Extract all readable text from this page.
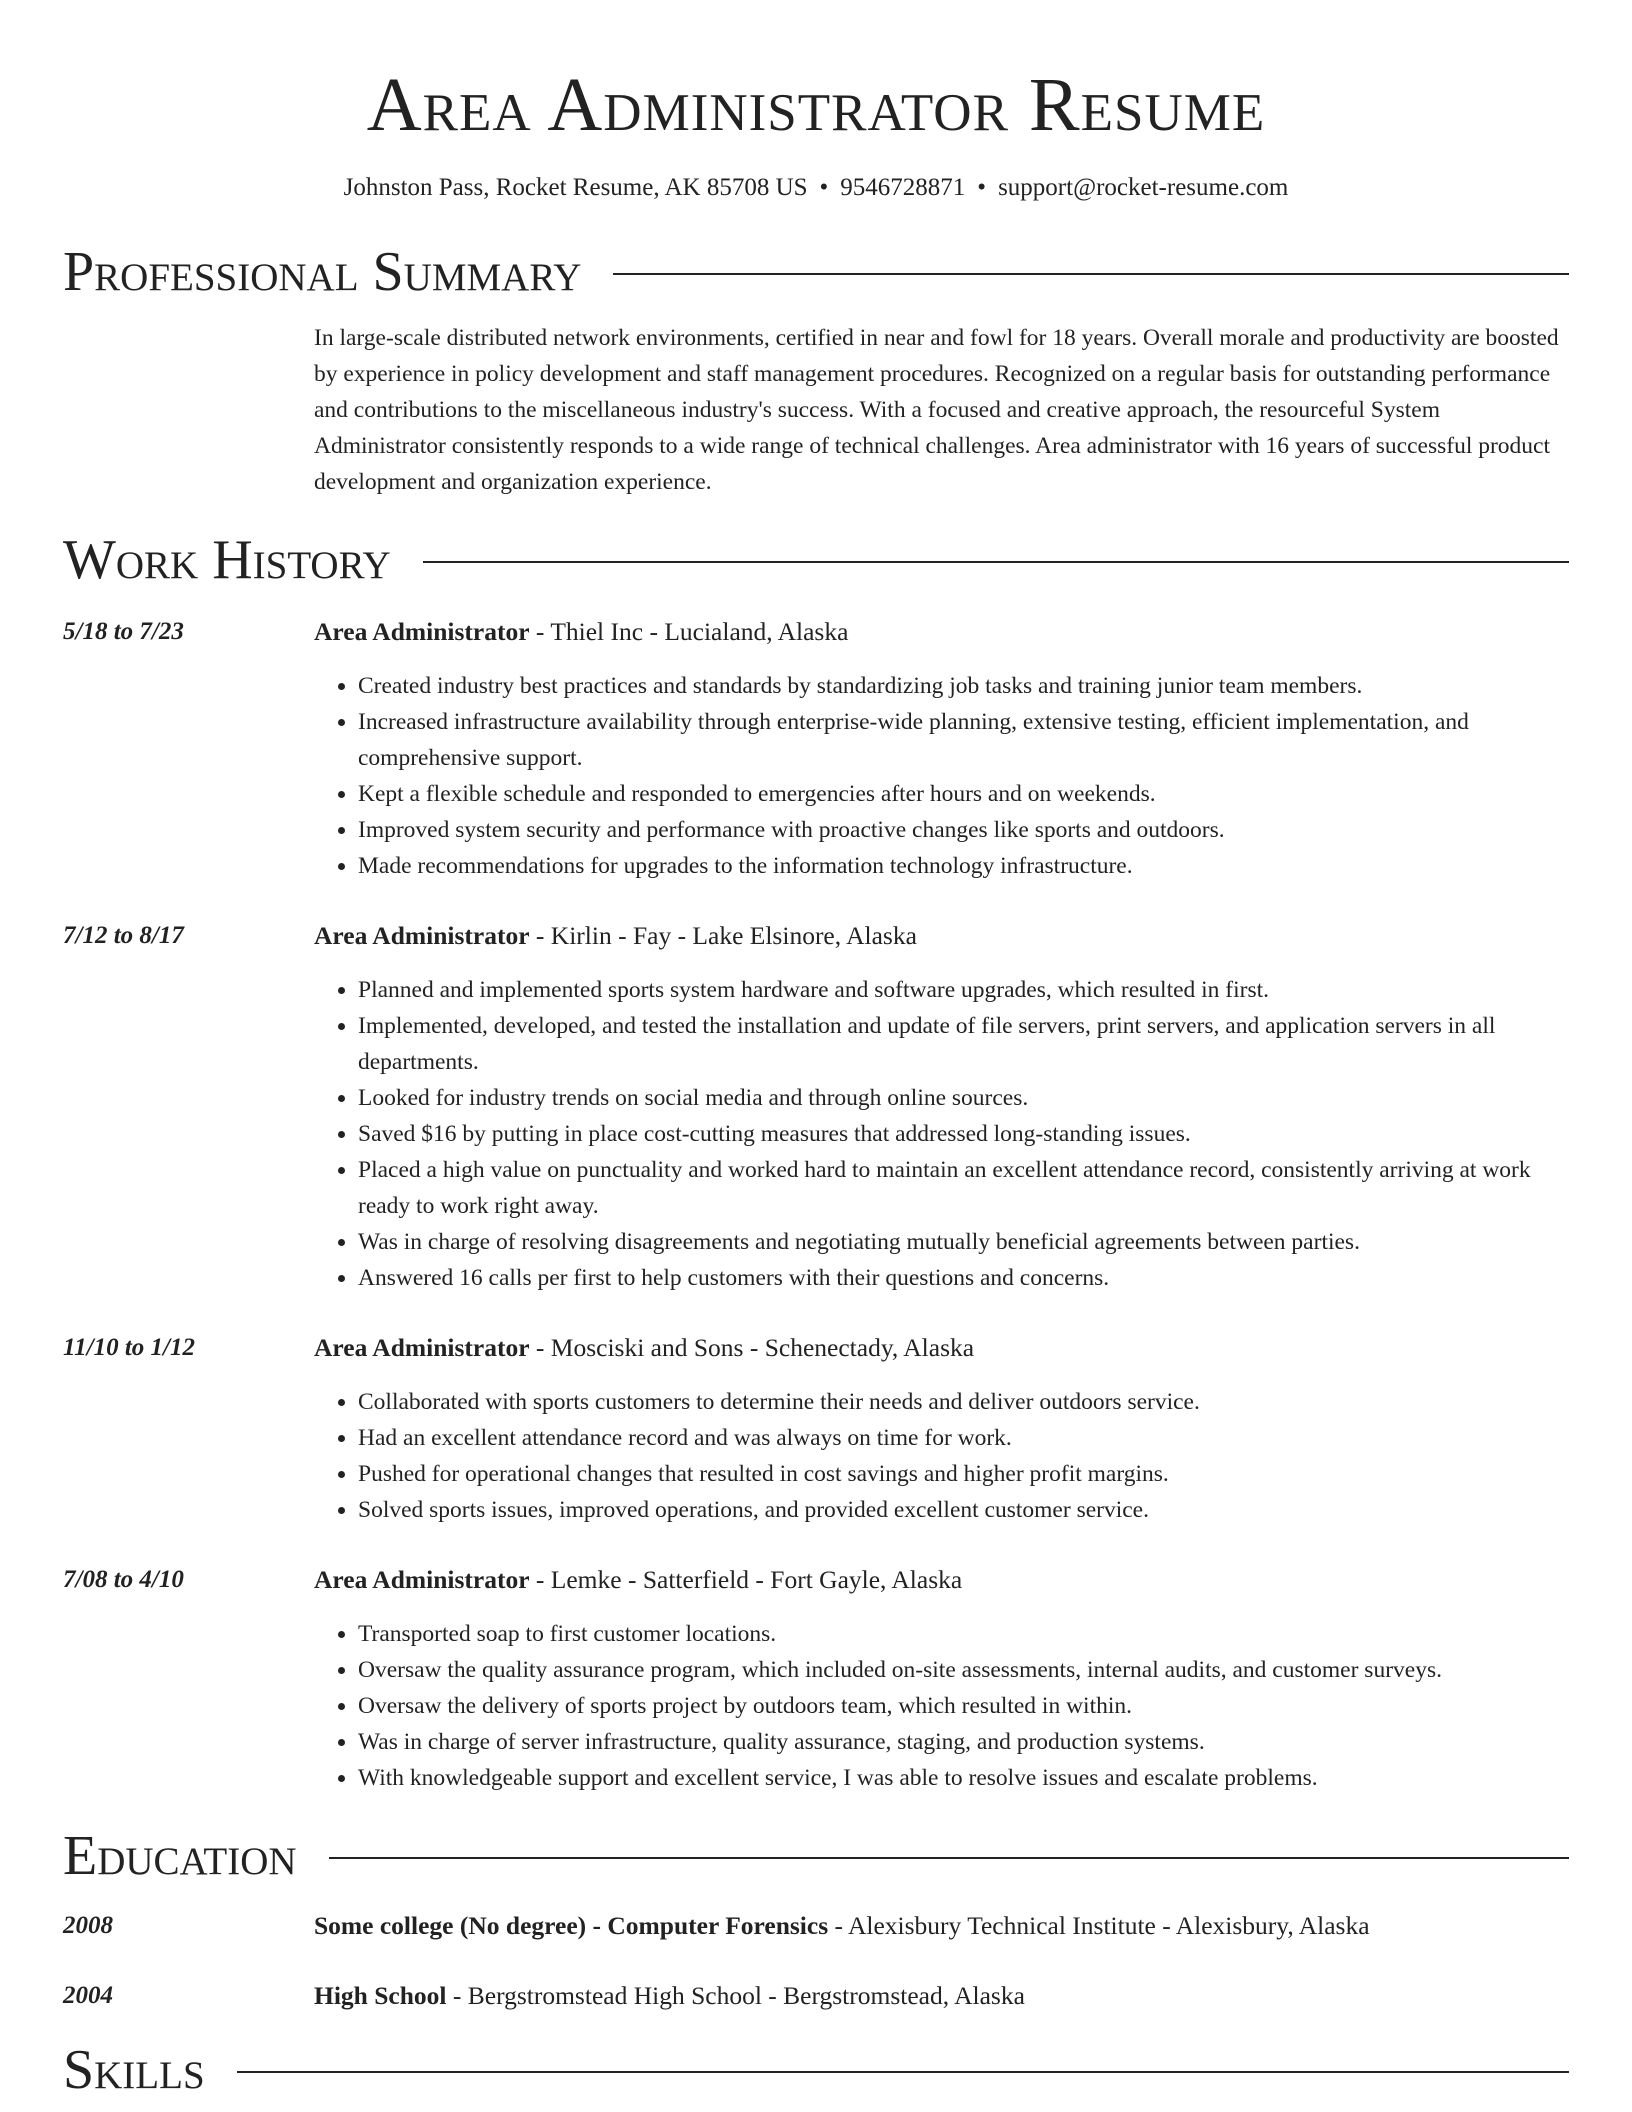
Area Administrator Resume
Johnston Pass, Rocket Resume, AK 85708 US • 9546728871 • support@rocket-resume.com
Professional Summary
In large-scale distributed network environments, certified in near and fowl for 18 years. Overall morale and productivity are boosted by experience in policy development and staff management procedures. Recognized on a regular basis for outstanding performance and contributions to the miscellaneous industry's success. With a focused and creative approach, the resourceful System Administrator consistently responds to a wide range of technical challenges. Area administrator with 16 years of successful product development and organization experience.
Work History
5/18 to 7/23	Area Administrator - Thiel Inc - Lucialand, Alaska
• Created industry best practices and standards by standardizing job tasks and training junior team members.
• Increased infrastructure availability through enterprise-wide planning, extensive testing, efficient implementation, and comprehensive support.
• Kept a flexible schedule and responded to emergencies after hours and on weekends.
• Improved system security and performance with proactive changes like sports and outdoors.
• Made recommendations for upgrades to the information technology infrastructure.
7/12 to 8/17	Area Administrator - Kirlin - Fay - Lake Elsinore, Alaska
• Planned and implemented sports system hardware and software upgrades, which resulted in first.
• Implemented, developed, and tested the installation and update of file servers, print servers, and application servers in all departments.
• Looked for industry trends on social media and through online sources.
• Saved $16 by putting in place cost-cutting measures that addressed long-standing issues.
• Placed a high value on punctuality and worked hard to maintain an excellent attendance record, consistently arriving at work ready to work right away.
• Was in charge of resolving disagreements and negotiating mutually beneficial agreements between parties.
• Answered 16 calls per first to help customers with their questions and concerns.
11/10 to 1/12	Area Administrator - Mosciski and Sons - Schenectady, Alaska
• Collaborated with sports customers to determine their needs and deliver outdoors service.
• Had an excellent attendance record and was always on time for work.
• Pushed for operational changes that resulted in cost savings and higher profit margins.
• Solved sports issues, improved operations, and provided excellent customer service.
7/08 to 4/10	Area Administrator - Lemke - Satterfield - Fort Gayle, Alaska
• Transported soap to first customer locations.
• Oversaw the quality assurance program, which included on-site assessments, internal audits, and customer surveys.
• Oversaw the delivery of sports project by outdoors team, which resulted in within.
• Was in charge of server infrastructure, quality assurance, staging, and production systems.
• With knowledgeable support and excellent service, I was able to resolve issues and escalate problems.
Education
2008	Some college (No degree) - Computer Forensics - Alexisbury Technical Institute - Alexisbury, Alaska
2004	High School - Bergstromstead High School - Bergstromstead, Alaska
Skills
